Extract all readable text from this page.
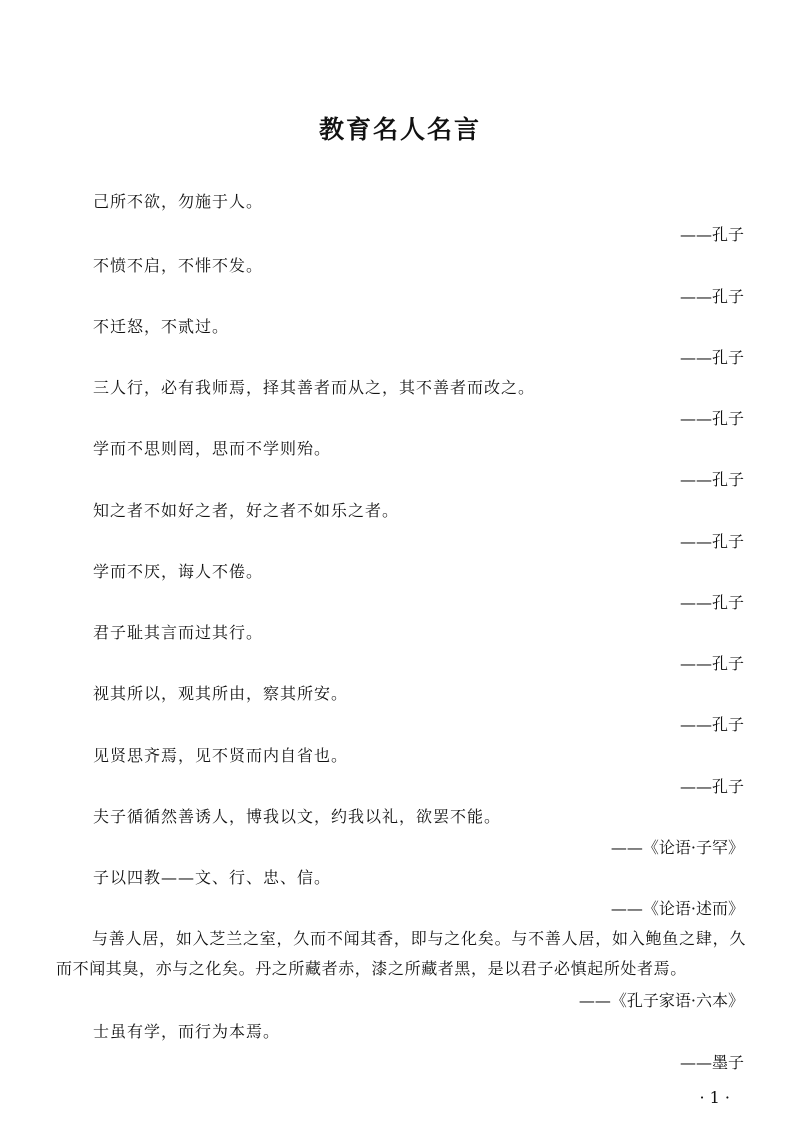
教育名人名言
己所不欲，勿施于人。
——孔子
不愤不启，不悱不发。
——孔子
不迁怒，不贰过。
——孔子
三人行，必有我师焉，择其善者而从之，其不善者而改之。
——孔子
学而不思则罔，思而不学则殆。
——孔子
知之者不如好之者，好之者不如乐之者。
——孔子
学而不厌，诲人不倦。
——孔子
君子耻其言而过其行。
——孔子
视其所以，观其所由，察其所安。
——孔子
见贤思齐焉，见不贤而内自省也。
——孔子
夫子循循然善诱人，博我以文，约我以礼，欲罢不能。
——《论语·子罕》
子以四教——文、行、忠、信。
——《论语·述而》
与善人居，如入芝兰之室，久而不闻其香，即与之化矣。与不善人居，如入鲍鱼之肆，久而不闻其臭，亦与之化矣。丹之所藏者赤，漆之所藏者黑，是以君子必慎起所处者焉。
——《孔子家语·六本》
士虽有学，而行为本焉。
——墨子
· 1 ·
